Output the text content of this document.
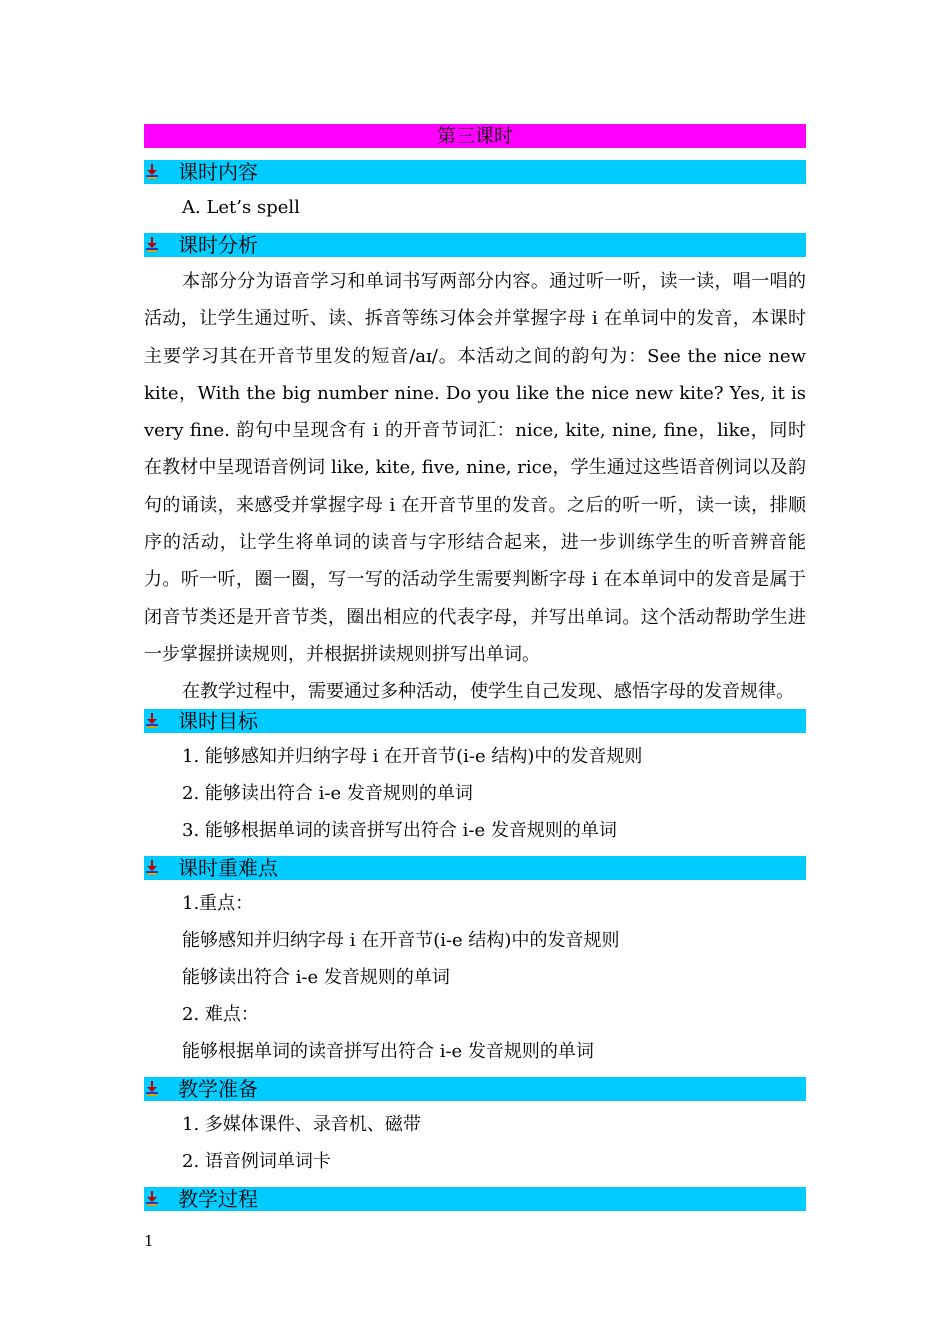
第三课时
课时内容
A. Let’s spell
课时分析

本部分分为语音学习和单词书写两部分内容。通过听一听，读一读，唱一唱的活动，让学生通过听、读、拆音等练习体会并掌握字母 i 在单词中的发音，本课时主要学习其在开音节里发的短音/aɪ/。本活动之间的韵句为：See the nice new kite，With the big number nine. Do you like the nice new kite? Yes, it is very fine. 韵句中呈现含有 i 的开音节词汇：nice, kite, nine, fine，like，同时在教材中呈现语音例词 like, kite, five, nine, rice，学生通过这些语音例词以及韵句的诵读，来感受并掌握字母 i 在开音节里的发音。之后的听一听，读一读，排顺序的活动，让学生将单词的读音与字形结合起来，进一步训练学生的听音辨音能力。听一听，圈一圈，写一写的活动学生需要判断字母 i 在本单词中的发音是属于闭音节类还是开音节类，圈出相应的代表字母，并写出单词。这个活动帮助学生进一步掌握拼读规则，并根据拼读规则拼写出单词。

在教学过程中，需要通过多种活动，使学生自己发现、感悟字母的发音规律。

课时目标
1. 能够感知并归纳字母 i 在开音节(i-e 结构)中的发音规则
2. 能够读出符合 i-e 发音规则的单词
3. 能够根据单词的读音拼写出符合 i-e 发音规则的单词
课时重难点
1.重点：
能够感知并归纳字母 i 在开音节(i-e 结构)中的发音规则
能够读出符合 i-e 发音规则的单词
2. 难点：
能够根据单词的读音拼写出符合 i-e 发音规则的单词
教学准备
1. 多媒体课件、录音机、磁带
2. 语音例词单词卡
教学过程
1
